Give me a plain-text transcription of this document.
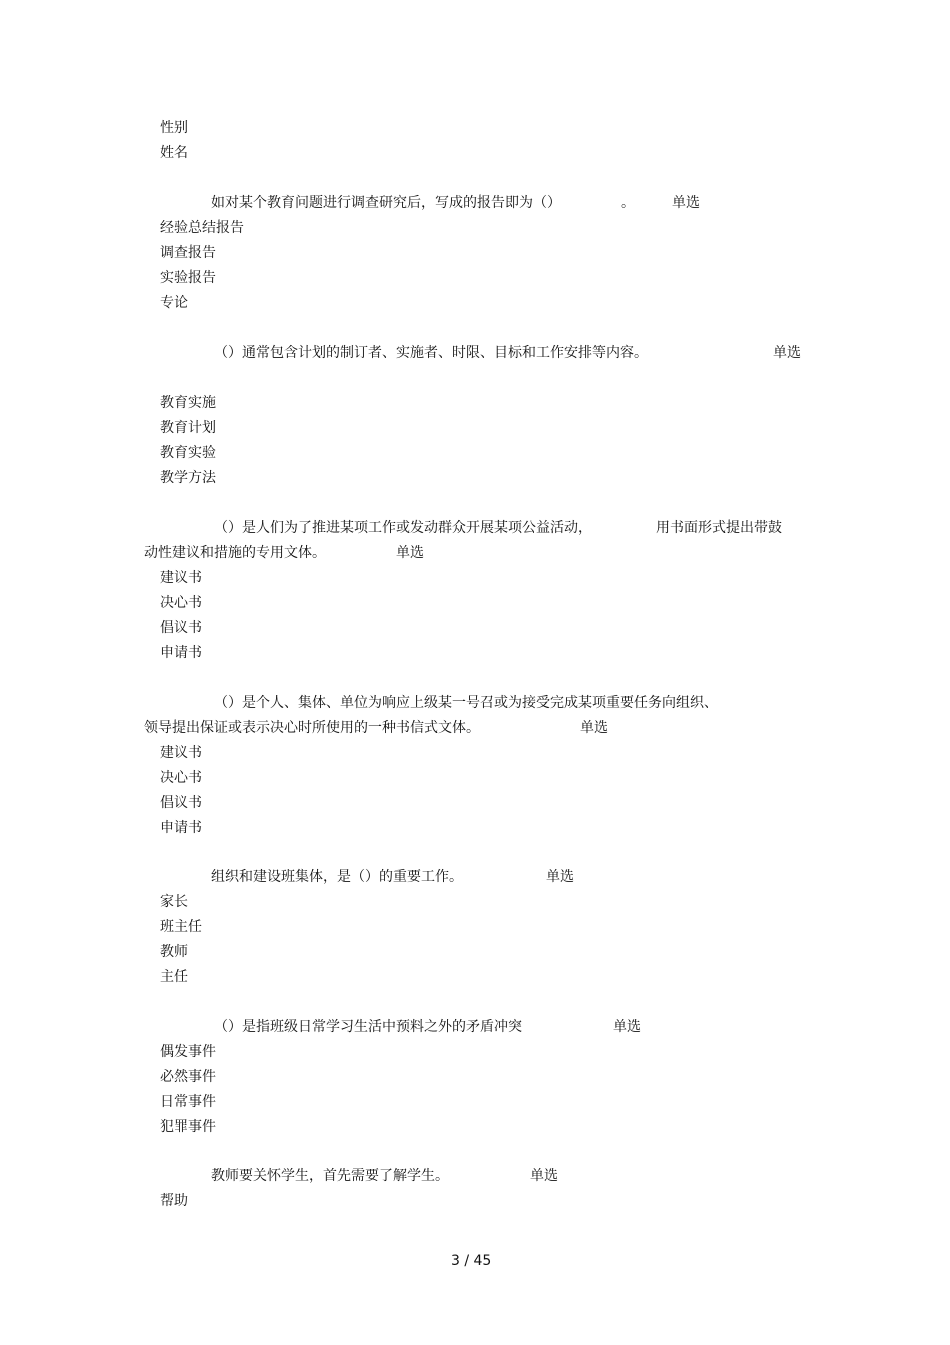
性别
姓名
如对某个教育问题进行调查研究后，写成的报告即为（）	。	单选
经验总结报告
调查报告
实验报告
专论
（）通常包含计划的制订者、实施者、时限、目标和工作安排等内容。	单选
教育实施
教育计划
教育实验
教学方法
（）是人们为了推进某项工作或发动群众开展某项公益活动，	用书面形式提出带鼓
动性建议和措施的专用文体。	单选
建议书
决心书
倡议书
申请书
（）是个人、集体、单位为响应上级某一号召或为接受完成某项重要任务向组织、
领导提出保证或表示决心时所使用的一种书信式文体。	单选
建议书
决心书
倡议书
申请书
组织和建设班集体，是（）的重要工作。	单选
家长
班主任
教师
主任
（）是指班级日常学习生活中预料之外的矛盾冲突	单选
偶发事件
必然事件
日常事件
犯罪事件
教师要关怀学生，首先需要了解学生。	单选
帮助
3 / 45
